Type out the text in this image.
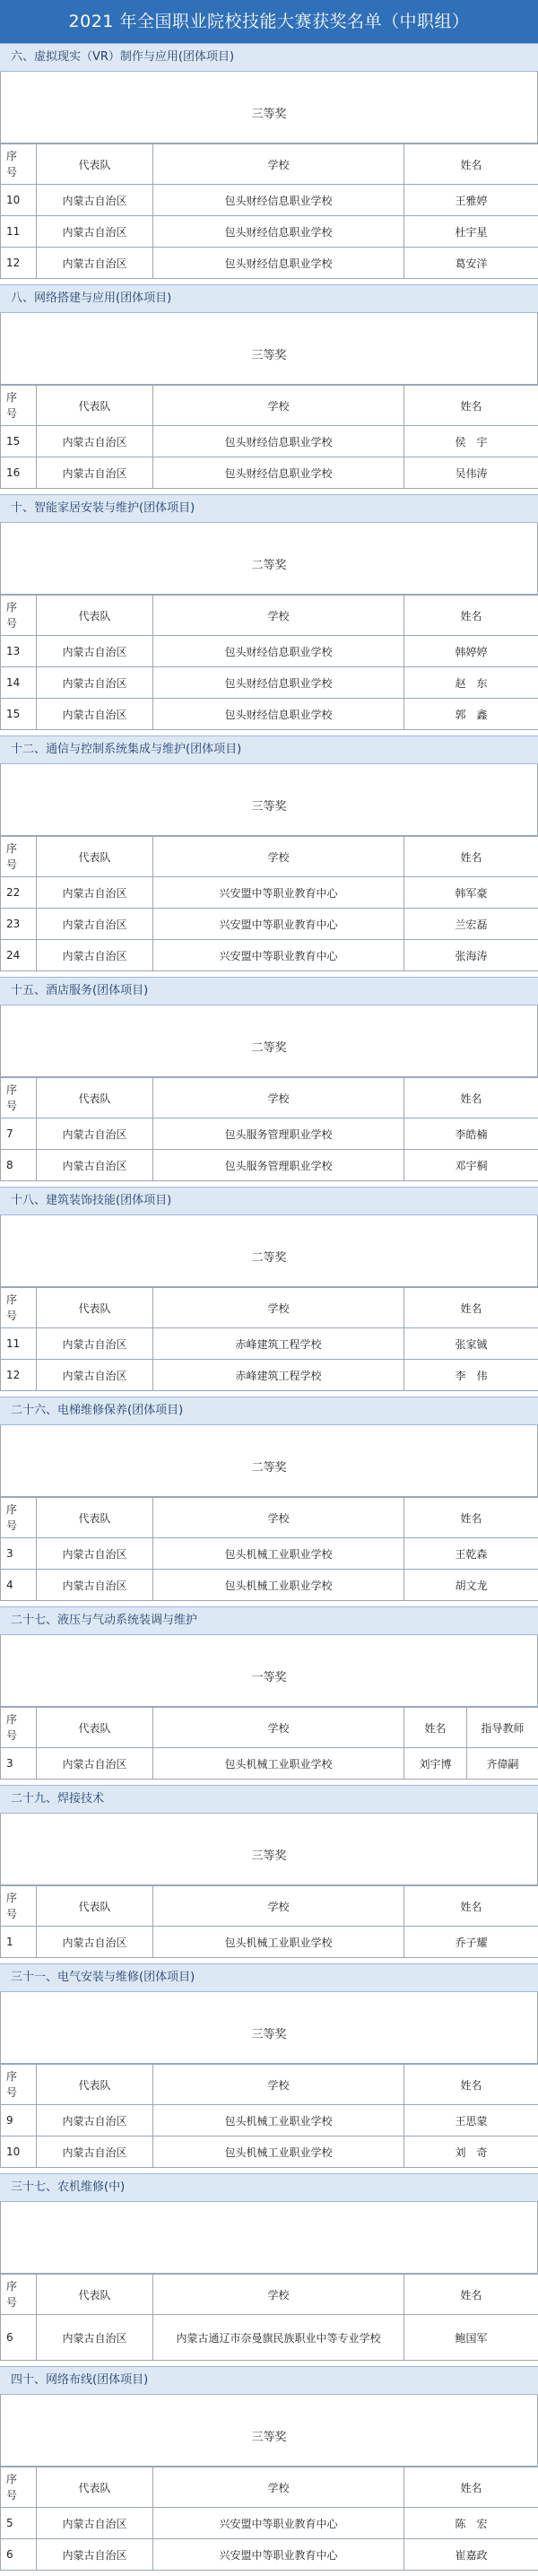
2021 年全国职业院校技能大赛获奖名单（中职组）
六、虚拟现实（VR）制作与应用(团体项目)
三等奖
序
号	代表队	学校	姓名
10	内蒙古自治区	包头财经信息职业学校	王雅婷
11	内蒙古自治区	包头财经信息职业学校	杜宇星
12	内蒙古自治区	包头财经信息职业学校	葛安洋
八、网络搭建与应用(团体项目)
三等奖
序
号	代表队	学校	姓名
15	内蒙古自治区	包头财经信息职业学校	侯　宇
16	内蒙古自治区	包头财经信息职业学校	吴伟涛
十、智能家居安装与维护(团体项目)
二等奖
序
号	代表队	学校	姓名
13	内蒙古自治区	包头财经信息职业学校	韩婷婷
14	内蒙古自治区	包头财经信息职业学校	赵　东
15	内蒙古自治区	包头财经信息职业学校	郭　鑫
十二、通信与控制系统集成与维护(团体项目)
三等奖
序
号	代表队	学校	姓名
22	内蒙古自治区	兴安盟中等职业教育中心	韩军豪
23	内蒙古自治区	兴安盟中等职业教育中心	兰宏磊
24	内蒙古自治区	兴安盟中等职业教育中心	张海涛
十五、酒店服务(团体项目)
二等奖
序
号	代表队	学校	姓名
7	内蒙古自治区	包头服务管理职业学校	李皓楠
8	内蒙古自治区	包头服务管理职业学校	邓宇桐
十八、建筑装饰技能(团体项目)
二等奖
序
号	代表队	学校	姓名
11	内蒙古自治区	赤峰建筑工程学校	张家铖
12	内蒙古自治区	赤峰建筑工程学校	李　伟
二十六、电梯维修保养(团体项目)
二等奖
序
号	代表队	学校	姓名
3	内蒙古自治区	包头机械工业职业学校	王乾森
4	内蒙古自治区	包头机械工业职业学校	胡文龙
二十七、液压与气动系统装调与维护
一等奖
序
号	代表队	学校	姓名	指导教师
3	内蒙古自治区	包头机械工业职业学校	刘宇博	齐偉嗣
二十九、焊接技术
三等奖
序
号	代表队	学校	姓名
1	内蒙古自治区	包头机械工业职业学校	乔子耀
三十一、电气安装与维修(团体项目)
三等奖
序
号	代表队	学校	姓名
9	内蒙古自治区	包头机械工业职业学校	王思蒙
10	内蒙古自治区	包头机械工业职业学校	刘　奇
三十七、农机维修(中)
序
号	代表队	学校	姓名
6	内蒙古自治区	内蒙古通辽市奈曼旗民族职业中等专业学校	鲍国军
四十、网络布线(团体项目)
三等奖
序
号	代表队	学校	姓名
5	内蒙古自治区	兴安盟中等职业教育中心	陈　宏
6	内蒙古自治区	兴安盟中等职业教育中心	崔嘉政
